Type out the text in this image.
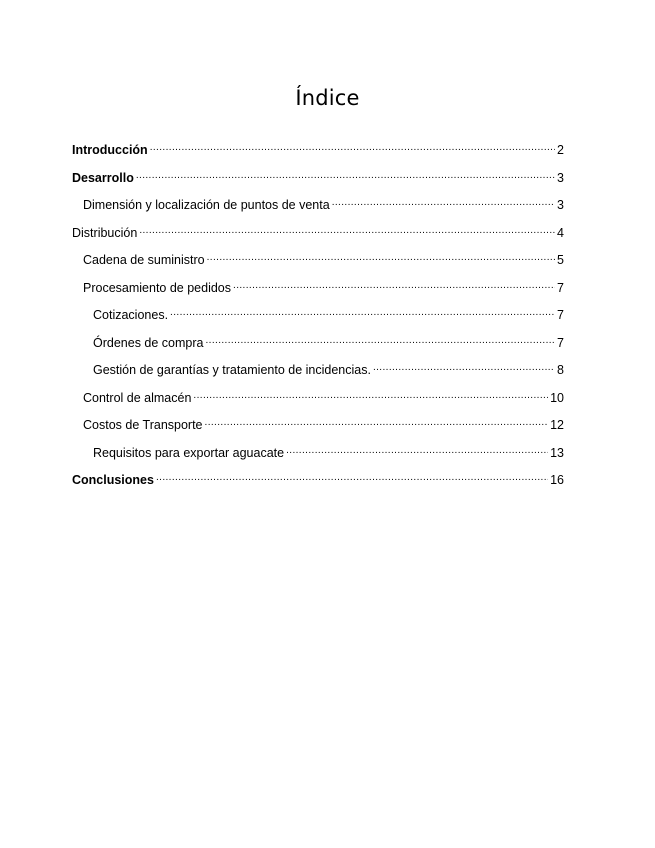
Índice
Introducción .....	2
Desarrollo .....	3
Dimensión y localización de puntos de venta .....	3
Distribución .....	4
Cadena de suministro .....	5
Procesamiento de pedidos .....	7
Cotizaciones. .....	7
Órdenes de compra .....	7
Gestión de garantías y tratamiento de incidencias. .....	8
Control de almacén .....	10
Costos de Transporte .....	12
Requisitos para exportar aguacate .....	13
Conclusiones .....	16
